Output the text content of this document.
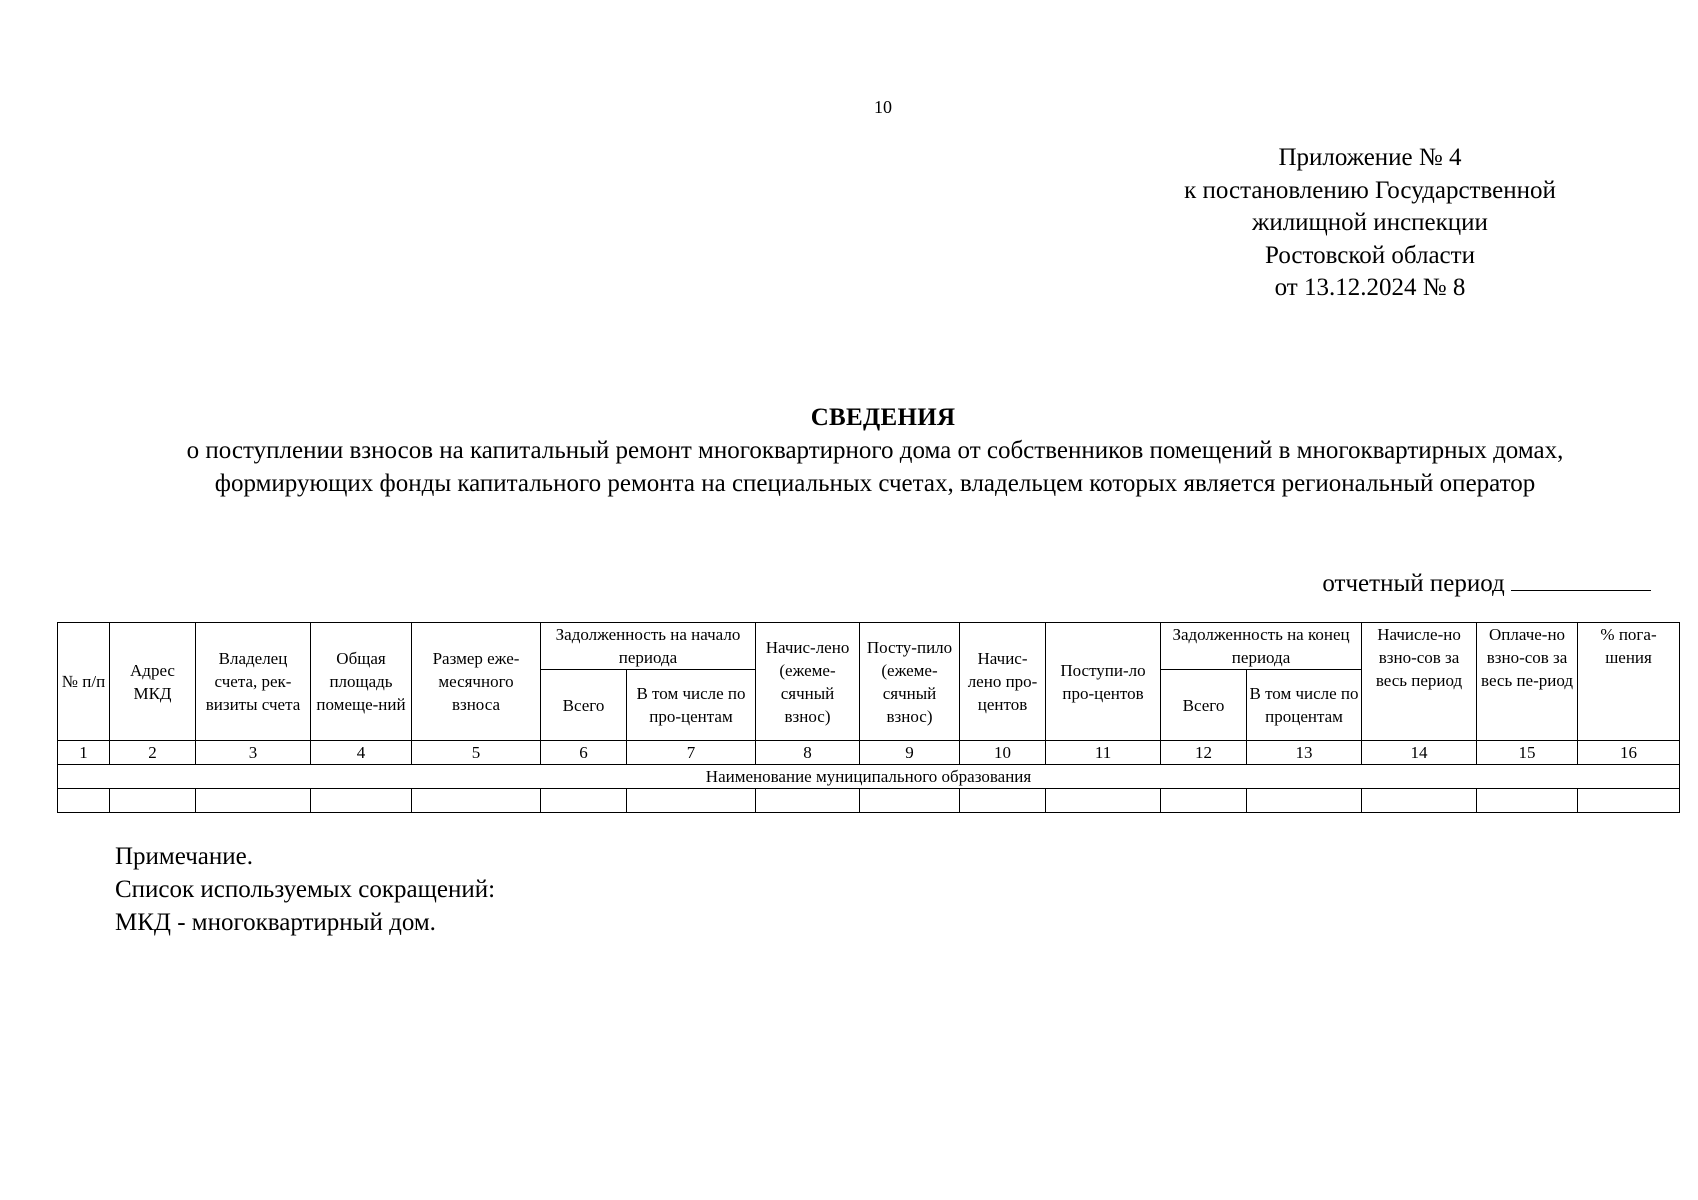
10
Приложение № 4
к постановлению Государственной
жилищной инспекции
Ростовской области
от 13.12.2024 № 8
СВЕДЕНИЯ
о поступлении взносов на капитальный ремонт многоквартирного дома от собственников помещений в многоквартирных домах, формирующих фонды капитального ремонта на специальных счетах, владельцем которых является региональный оператор
отчетный период
№ п/п	Адрес МКД	Владелец счета, рек-визиты счета	Общая площадь помеще-ний	Размер еже-месячного взноса	Задолженность на начало периода		Начис-лено (ежеме-сячный взнос)	Посту-пило (ежеме-сячный взнос)	Начис-лено про-центов	Поступи-ло про-центов	Задолженность на конец периода		Начисле-но взно-сов за весь период	Оплаче-но взно-сов за весь пе-риод	% пога-шения
					Всего	В том числе по про-центам					Всего	В том числе по процентам			
1	2	3	4	5	6	7	8	9	10	11	12	13	14	15	16
Наименование муниципального образования															

Примечание.
Список используемых сокращений:
МКД - многоквартирный дом.
